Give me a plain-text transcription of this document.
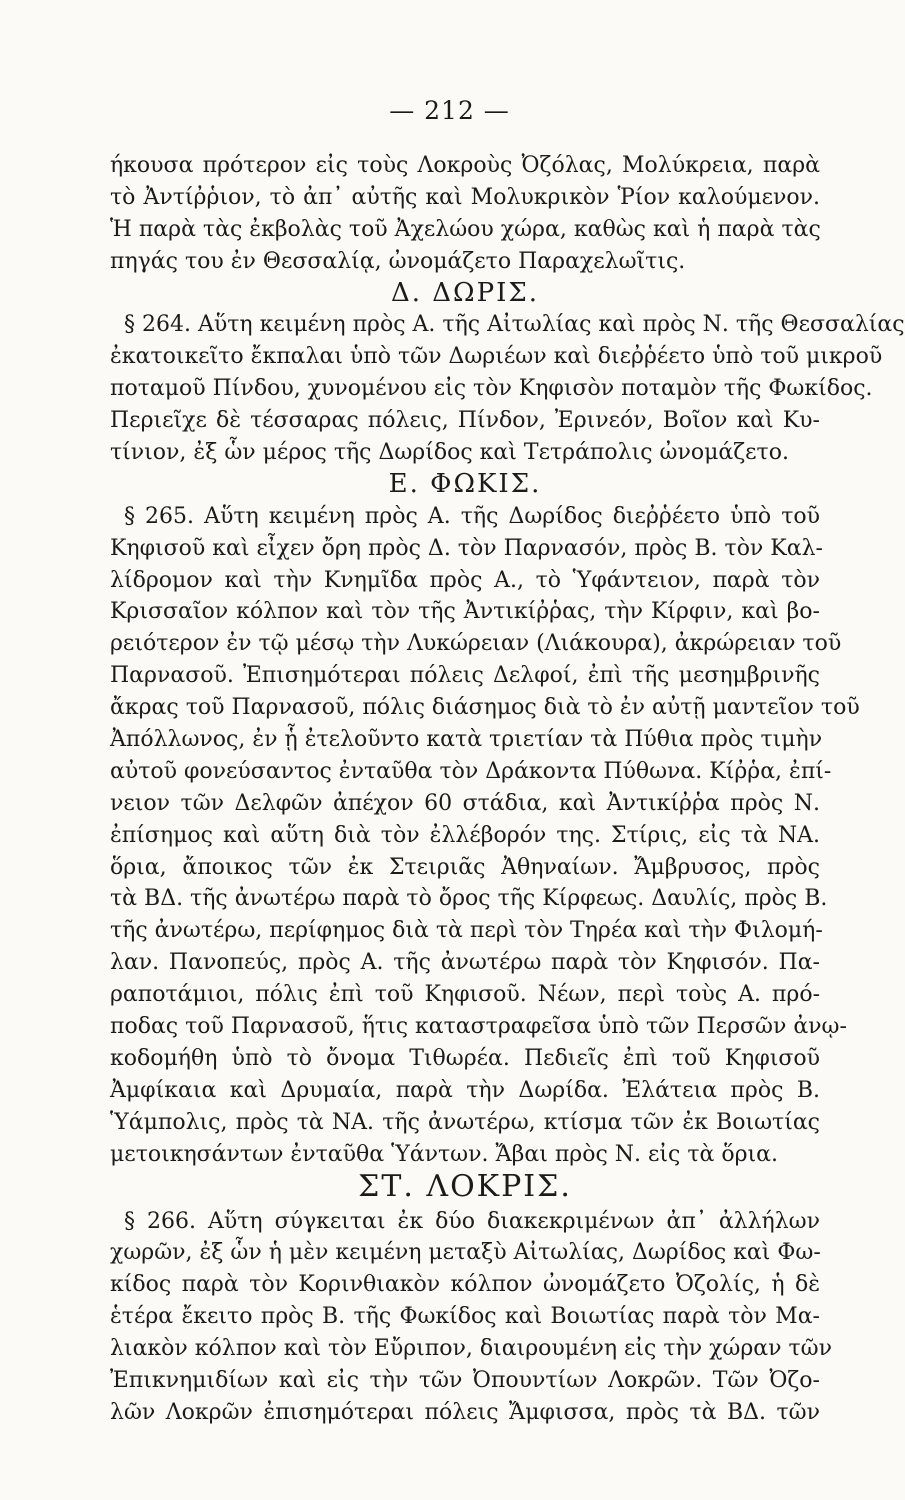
— 212 —
ήκουσα πρότερον εἰς τοὺς Λοκροὺς Ὀζόλας, Μολύκρεια, παρὰ
τὸ Ἀντίῤῥιον, τὸ ἀπ᾽ αὐτῆς καὶ Μολυκρικὸν Ῥίον καλούμενον.
Ἡ παρὰ τὰς ἐκβολὰς τοῦ Ἀχελώου χώρα, καθὼς καὶ ἡ παρὰ τὰς
πηγάς του ἐν Θεσσαλίᾳ, ὠνομάζετο Παραχελωῖτις.
Δ. ΔΩΡΙΣ.
§ 264. Αὕτη κειμένη πρὸς Α. τῆς Αἰτωλίας καὶ πρὸς Ν. τῆς Θεσσαλίας
ἐκατοικεῖτο ἔκπαλαι ὑπὸ τῶν Δωριέων καὶ διεῤῥέετο ὑπὸ τοῦ μικροῦ
ποταμοῦ Πίνδου, χυνομένου εἰς τὸν Κηφισὸν ποταμὸν τῆς Φωκίδος.
Περιεῖχε δὲ τέσσαρας πόλεις, Πίνδον, Ἐρινεόν, Βοῖον καὶ Κυ-
τίνιον, ἐξ ὧν μέρος τῆς Δωρίδος καὶ Τετράπολις ὠνομάζετο.
Ε. ΦΩΚΙΣ.
§ 265. Αὕτη κειμένη πρὸς Α. τῆς Δωρίδος διεῤῥέετο ὑπὸ τοῦ
Κηφισοῦ καὶ εἶχεν ὄρη πρὸς Δ. τὸν Παρνασόν, πρὸς Β. τὸν Καλ-
λίδρομον καὶ τὴν Κνημῖδα πρὸς Α., τὸ Ὑφάντειον, παρὰ τὸν
Κρισσαῖον κόλπον καὶ τὸν τῆς Ἀντικίῤῥας, τὴν Κίρφιν, καὶ βο-
ρειότερον ἐν τῷ μέσῳ τὴν Λυκώρειαν (Λιάκουρα), ἀκρώρειαν τοῦ
Παρνασοῦ. Ἐπισημότεραι πόλεις Δελφοί, ἐπὶ τῆς μεσημβρινῆς
ἄκρας τοῦ Παρνασοῦ, πόλις διάσημος διὰ τὸ ἐν αὐτῇ μαντεῖον τοῦ
Ἀπόλλωνος, ἐν ᾗ ἐτελοῦντο κατὰ τριετίαν τὰ Πύθια πρὸς τιμὴν
αὐτοῦ φονεύσαντος ἐνταῦθα τὸν Δράκοντα Πύθωνα. Κίῤῥα, ἐπί-
νειον τῶν Δελφῶν ἀπέχον 60 στάδια, καὶ Ἀντικίῤῥα πρὸς Ν.
ἐπίσημος καὶ αὕτη διὰ τὸν ἐλλέβορόν της. Στίρις, εἰς τὰ ΝΑ.
ὅρια, ἄποικος τῶν ἐκ Στειριᾶς Ἀθηναίων. Ἄμβρυσος, πρὸς
τὰ ΒΔ. τῆς ἀνωτέρω παρὰ τὸ ὄρος τῆς Κίρφεως. Δαυλίς, πρὸς Β.
τῆς ἀνωτέρω, περίφημος διὰ τὰ περὶ τὸν Τηρέα καὶ τὴν Φιλομή-
λαν. Πανοπεύς, πρὸς Α. τῆς ἀνωτέρω παρὰ τὸν Κηφισόν. Πα-
ραποτάμιοι, πόλις ἐπὶ τοῦ Κηφισοῦ. Νέων, περὶ τοὺς Α. πρό-
ποδας τοῦ Παρνασοῦ, ἥτις καταστραφεῖσα ὑπὸ τῶν Περσῶν ἀνῳ-
κοδομήθη ὑπὸ τὸ ὄνομα Τιθωρέα. Πεδιεῖς ἐπὶ τοῦ Κηφισοῦ
Ἀμφίκαια καὶ Δρυμαία, παρὰ τὴν Δωρίδα. Ἐλάτεια πρὸς Β.
Ὑάμπολις, πρὸς τὰ ΝΑ. τῆς ἀνωτέρω, κτίσμα τῶν ἐκ Βοιωτίας
μετοικησάντων ἐνταῦθα Ὑάντων. Ἄβαι πρὸς Ν. εἰς τὰ ὅρια.
ΣΤ. ΛΟΚΡΙΣ.
§ 266. Αὕτη σύγκειται ἐκ δύο διακεκριμένων ἀπ᾽ ἀλλήλων
χωρῶν, ἐξ ὧν ἡ μὲν κειμένη μεταξὺ Αἰτωλίας, Δωρίδος καὶ Φω-
κίδος παρὰ τὸν Κορινθιακὸν κόλπον ὠνομάζετο Ὀζολίς, ἡ δὲ
ἑτέρα ἔκειτο πρὸς Β. τῆς Φωκίδος καὶ Βοιωτίας παρὰ τὸν Μα-
λιακὸν κόλπον καὶ τὸν Εὔριπον, διαιρουμένη εἰς τὴν χώραν τῶν
Ἐπικνημιδίων καὶ εἰς τὴν τῶν Ὀπουντίων Λοκρῶν. Τῶν Ὀζο-
λῶν Λοκρῶν ἐπισημότεραι πόλεις Ἄμφισσα, πρὸς τὰ ΒΔ. τῶν
